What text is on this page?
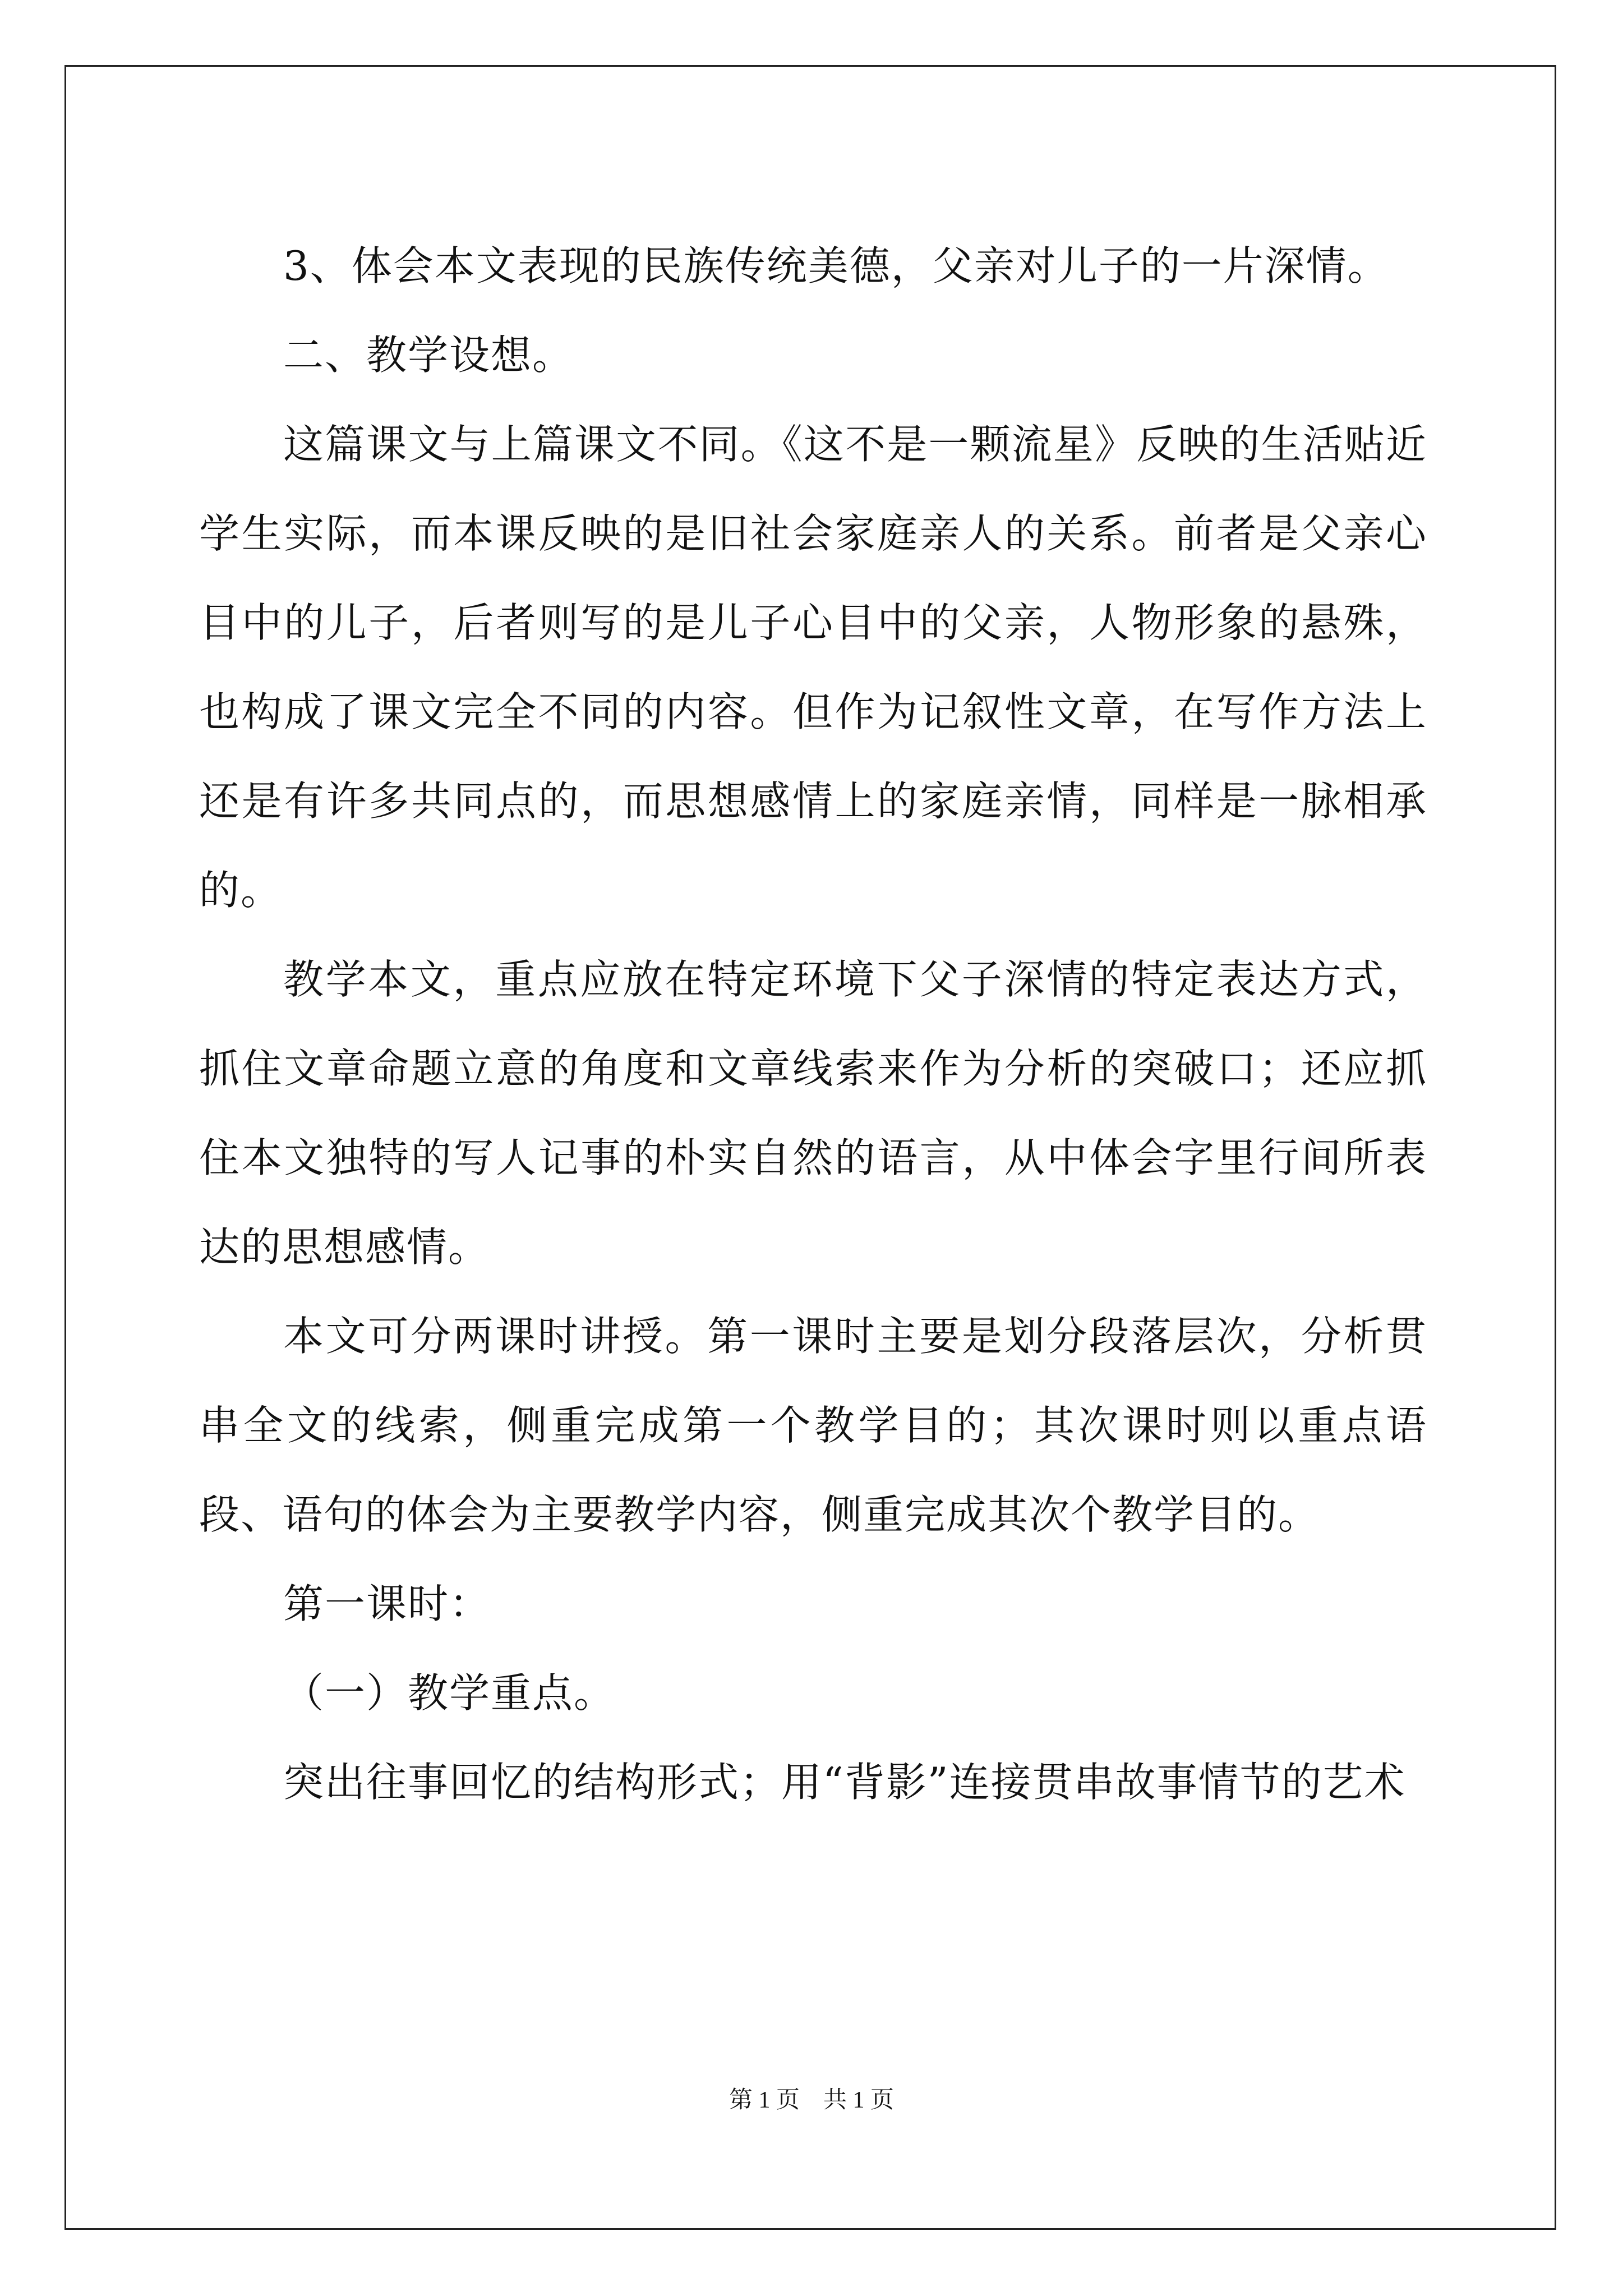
3、体会本文表现的民族传统美德，父亲对儿子的一片深情。

二、教学设想。

这篇课文与上篇课文不同。《这不是一颗流星》反映的生活贴近学生实际，而本课反映的是旧社会家庭亲人的关系。前者是父亲心目中的儿子，后者则写的是儿子心目中的父亲，人物形象的悬殊，也构成了课文完全不同的内容。但作为记叙性文章，在写作方法上还是有许多共同点的，而思想感情上的家庭亲情，同样是一脉相承的。

教学本文，重点应放在特定环境下父子深情的特定表达方式，抓住文章命题立意的角度和文章线索来作为分析的突破口；还应抓住本文独特的写人记事的朴实自然的语言，从中体会字里行间所表达的思想感情。

本文可分两课时讲授。第一课时主要是划分段落层次，分析贯串全文的线索，侧重完成第一个教学目的；其次课时则以重点语段、语句的体会为主要教学内容，侧重完成其次个教学目的。

第一课时：

（一）教学重点。

突出往事回忆的结构形式；用“背影”连接贯串故事情节的艺术

第 1 页　共 1 页
